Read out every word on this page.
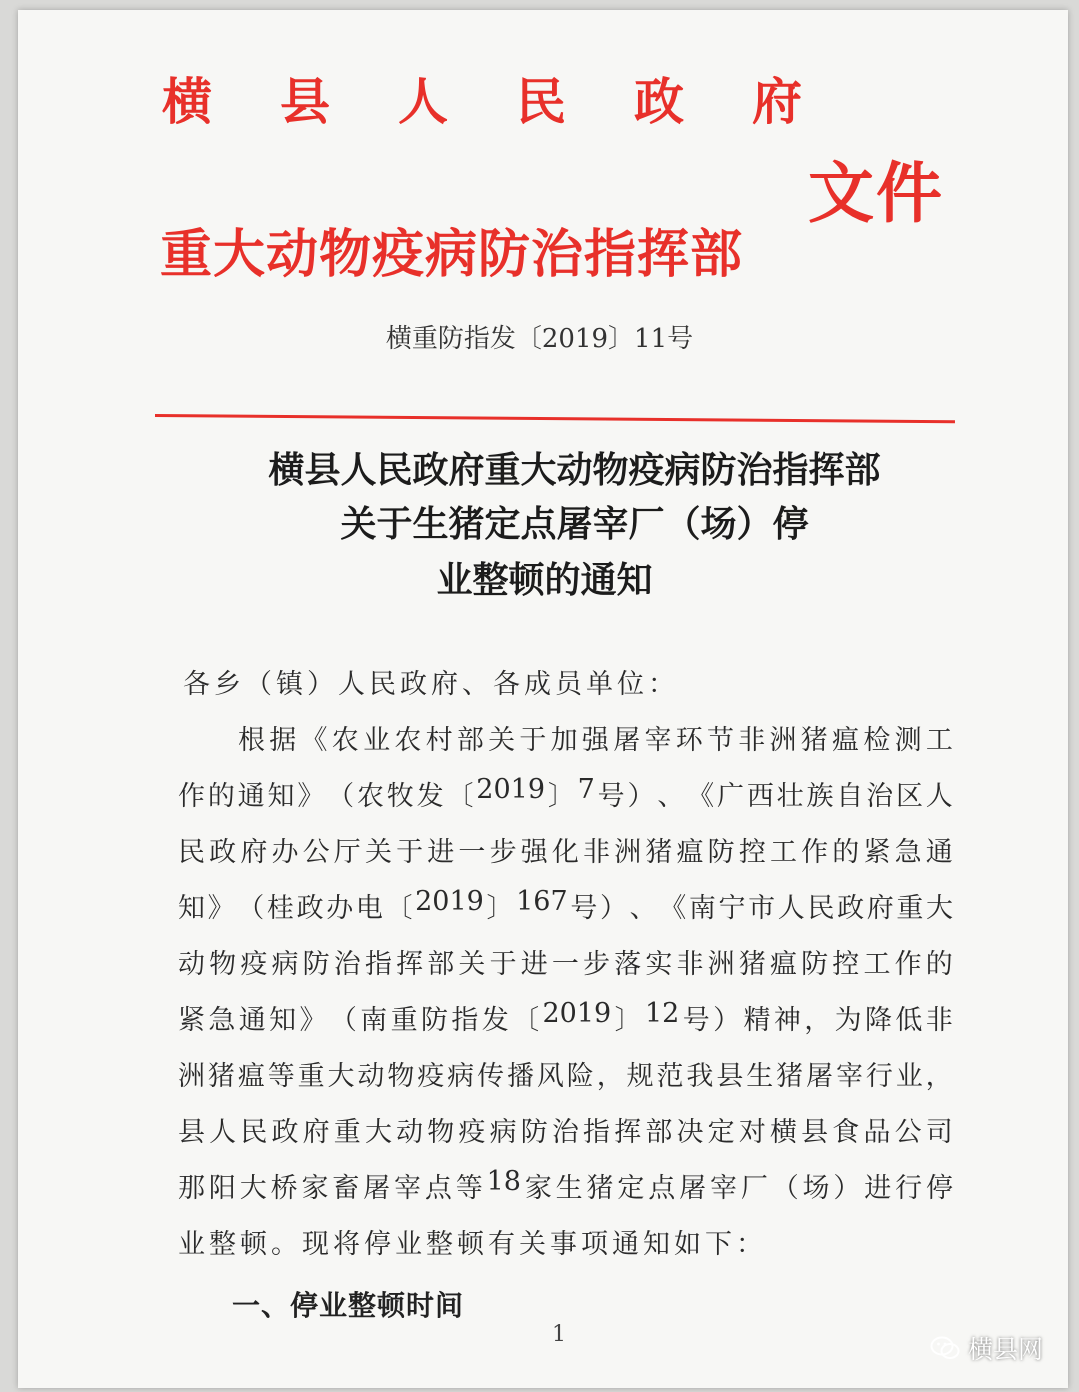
横 县 人 民 政 府
文件
重大动物疫病防治指挥部
横重防指发〔2019〕11号
横县人民政府重大动物疫病防治指挥部
关于生猪定点屠宰厂（场）停
业整顿的通知
各乡（镇）人民政府、各成员单位：
根 据 《 农 业 农 村 部 关 于 加 强 屠 宰 环 节 非 洲 猪 瘟 检 测 工
作 的 通 知 》 （ 农 牧 发 〔 2019 〕 7 号 ） 、 《 广 西 壮 族 自 治 区 人
民 政 府 办 公 厅 关 于 进 一 步 强 化 非 洲 猪 瘟 防 控 工 作 的 紧 急 通
知 》 （ 桂 政 办 电 〔 2019 〕 167 号 ） 、 《 南 宁 市 人 民 政 府 重 大
动 物 疫 病 防 治 指 挥 部 关 于 进 一 步 落 实 非 洲 猪 瘟 防 控 工 作 的
紧 急 通 知 》 （ 南 重 防 指 发 〔 2019 〕 12 号 ） 精 神 ， 为 降 低 非
洲 猪 瘟 等 重 大 动 物 疫 病 传 播 风 险 ， 规 范 我 县 生 猪 屠 宰 行 业 ，
县 人 民 政 府 重 大 动 物 疫 病 防 治 指 挥 部 决 定 对 横 县 食 品 公 司
那 阳 大 桥 家 畜 屠 宰 点 等 18 家 生 猪 定 点 屠 宰 厂 （ 场 ） 进 行 停
业整顿。现将停业整顿有关事项通知如下：
一、停业整顿时间
1
横县网
